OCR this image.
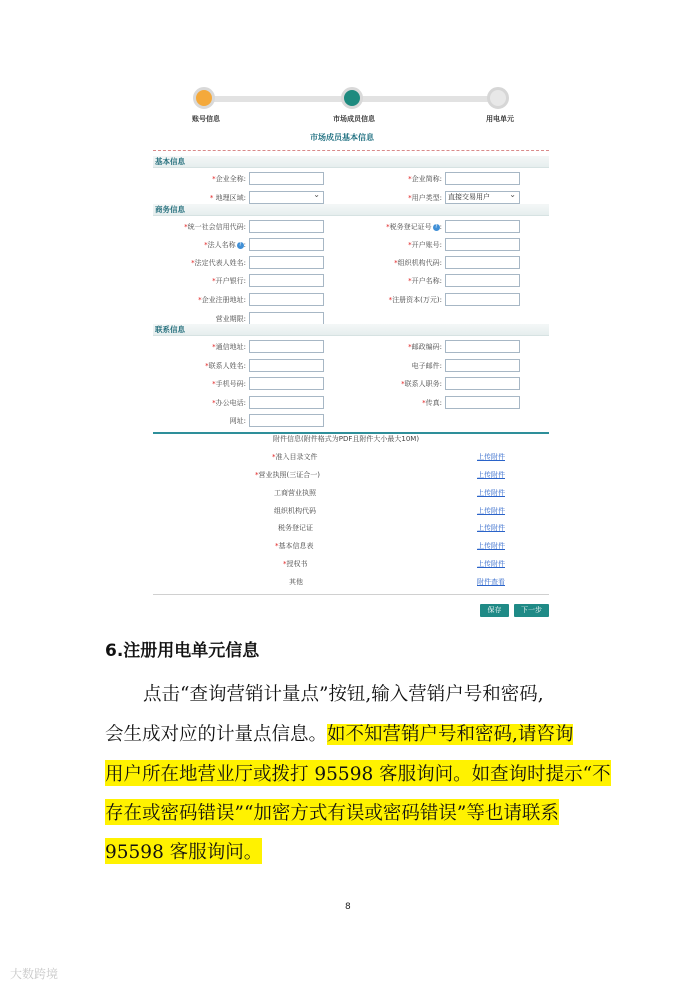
账号信息	市场成员信息	用电单元
市场成员基本信息
基本信息
*企业全称:	*企业简称:
* 地理区域:
⌄	*用户类型: 直接交易用户 ⌄
商务信息
*统一社会信用代码:	*税务登记证号 ? :
*法人名称 ? :	*开户账号:
*法定代表人姓名:	*组织机构代码:
*开户银行:	*开户名称:
*企业注册地址:	*注册资本(万元):
营业期限:
联系信息
*通信地址:	*邮政编码:
*联系人姓名:	电子邮件:
*手机号码:	*联系人职务:
*办公电话:	*传真:
网址:
附件信息(附件格式为PDF且附件大小最大10M)
*准入目录文件	上传附件
*营业执照(三证合一)	上传附件
工商营业执照	上传附件
组织机构代码	上传附件
税务登记证	上传附件
*基本信息表	上传附件
*授权书	上传附件
其他	附件查看
保存	下一步
6.注册用电单元信息
点击“查询营销计量点”按钮,输入营销户号和密码,
会生成对应的计量点信息。如不知营销户号和密码,请咨询
用户所在地营业厅或拨打 95598 客服询问。如查询时提示“不
存在或密码错误”“加密方式有误或密码错误”等也请联系
95598 客服询问。
8
大数跨境
